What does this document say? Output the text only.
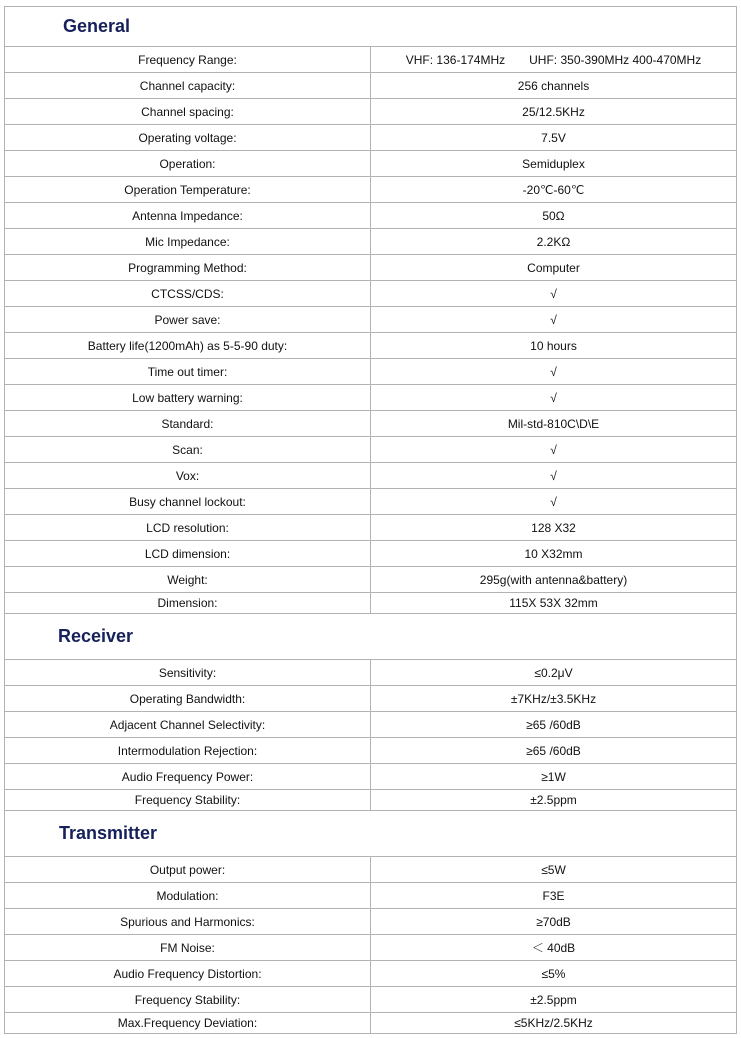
General	
Frequency Range:	VHF: 136-174MHz UHF: 350-390MHz 400-470MHz
Channel capacity:	256 channels
Channel spacing:	25/12.5KHz
Operating voltage:	7.5V
Operation:	Semiduplex
Operation Temperature:	-20℃-60℃
Antenna Impedance:	50Ω
Mic Impedance:	2.2KΩ
Programming Method:	Computer
CTCSS/CDS:	√
Power save:	√
Battery life(1200mAh) as 5-5-90 duty:	10 hours
Time out timer:	√
Low battery warning:	√
Standard:	Mil-std-810C\D\E
Scan:	√
Vox:	√
Busy channel lockout:	√
LCD resolution:	128 X32
LCD dimension:	10 X32mm
Weight:	295g(with antenna&battery)
Dimension:	115X 53X 32mm
Receiver	
Sensitivity:	≤0.2μV
Operating Bandwidth:	±7KHz/±3.5KHz
Adjacent Channel Selectivity:	≥65 /60dB
Intermodulation Rejection:	≥65 /60dB
Audio Frequency Power:	≥1W
Frequency Stability:	±2.5ppm
Transmitter	
Output power:	≤5W
Modulation:	F3E
Spurious and Harmonics:	≥70dB
FM Noise:	＜ 40dB
Audio Frequency Distortion:	≤5%
Frequency Stability:	±2.5ppm
Max.Frequency Deviation:	≤5KHz/2.5KHz
